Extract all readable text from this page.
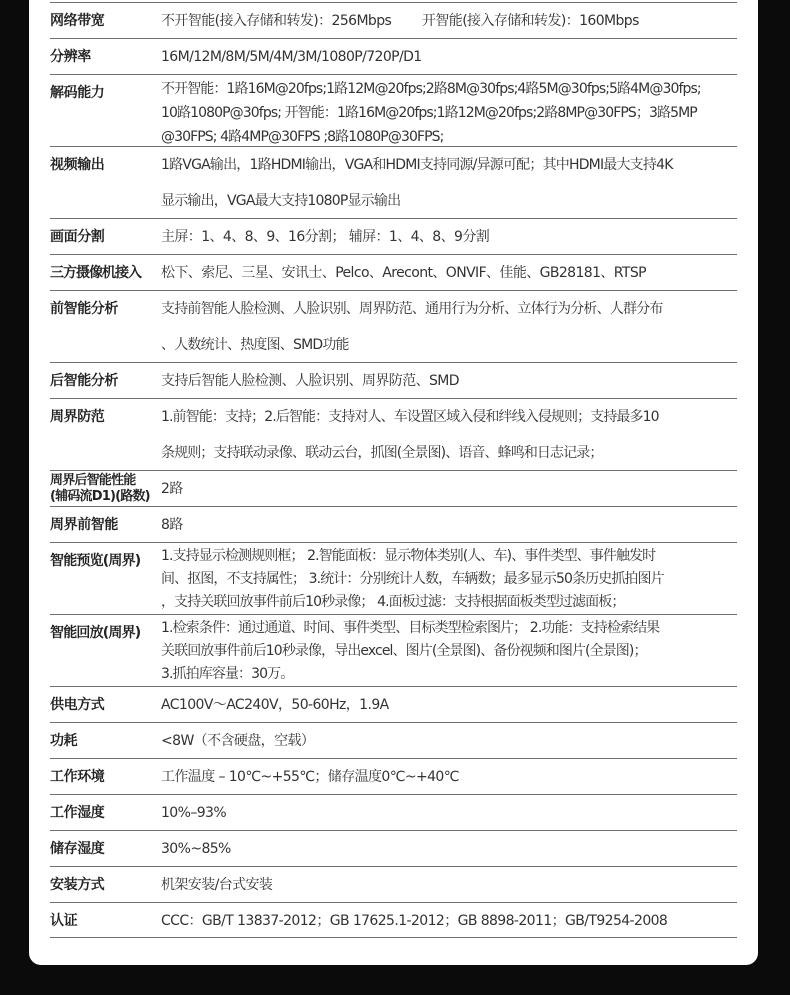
网络带宽	不开智能(接入存储和转发)：256Mbps        开智能(接入存储和转发)：160Mbps
分辨率	16M/12M/8M/5M/4M/3M/1080P/720P/D1
解码能力	不开智能：1路16M@20fps;1路12M@20fps;2路8M@30fps;4路5M@30fps;5路4M@30fps;
10路1080P@30fps; 开智能：1路16M@20fps;1路12M@20fps;2路8MP@30FPS；3路5MP
@30FPS; 4路4MP@30FPS ;8路1080P@30FPS;
视频输出	1路VGA输出，1路HDMI输出，VGA和HDMI支持同源/异源可配；其中HDMI最大支持4K
显示输出，VGA最大支持1080P显示输出
画面分割	主屏：1、4、8、9、16分割； 辅屏：1、4、8、9分割
三方摄像机接入	松下、索尼、三星、安讯士、Pelco、Arecont、ONVIF、佳能、GB28181、RTSP
前智能分析	支持前智能人脸检测、人脸识别、周界防范、通用行为分析、立体行为分析、人群分布
、人数统计、热度图、SMD功能
后智能分析	支持后智能人脸检测、人脸识别、周界防范、SMD
周界防范	1.前智能：支持；2.后智能：支持对人、车设置区域入侵和绊线入侵规则；支持最多10
条规则；支持联动录像、联动云台，抓图(全景图)、语音、蜂鸣和日志记录；
周界后智能性能
(辅码流D1)(路数) 2路
周界前智能	8路
智能预览(周界)	1.支持显示检测规则框； 2.智能面板：显示物体类别(人、车)、事件类型、事件触发时
间、抠图，不支持属性； 3.统计：分别统计人数，车辆数；最多显示50条历史抓拍图片
，支持关联回放事件前后10秒录像； 4.面板过滤：支持根据面板类型过滤面板；
智能回放(周界)	1.检索条件：通过通道、时间、事件类型、目标类型检索图片； 2.功能：支持检索结果
关联回放事件前后10秒录像，导出excel、图片(全景图)、备份视频和图片(全景图)；
3.抓拍库容量：30万。
供电方式	AC100V〜AC240V，50-60Hz，1.9A
功耗	<8W（不含硬盘，空载）
工作环境	工作温度 – 10℃~+55℃；储存温度0℃~+40℃
工作湿度	10%–93%
储存湿度	30%~85%
安装方式	机架安装/台式安装
认证	CCC：GB/T 13837-2012；GB 17625.1-2012；GB 8898-2011；GB/T9254-2008
